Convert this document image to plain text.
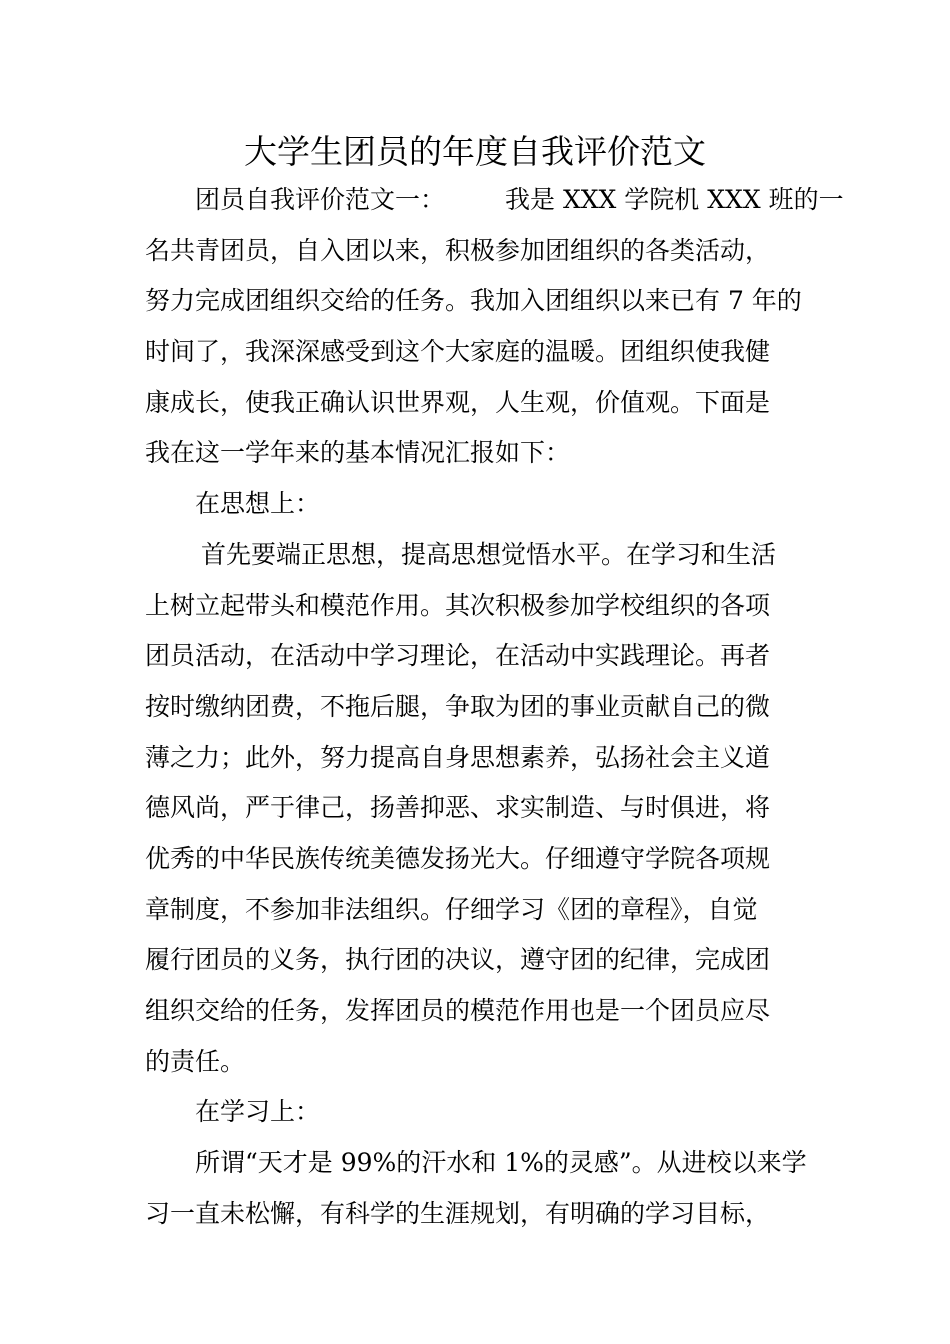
大学生团员的年度自我评价范文
团员自我评价范文一： 我是 XXX 学院机 XXX 班的一
名共青团员，自入团以来，积极参加团组织的各类活动，
努力完成团组织交给的任务。我加入团组织以来已有 7 年的
时间了，我深深感受到这个大家庭的温暖。团组织使我健
康成长，使我正确认识世界观，人生观，价值观。下面是
我在这一学年来的基本情况汇报如下：
在思想上：
首先要端正思想，提高思想觉悟水平。在学习和生活
上树立起带头和模范作用。其次积极参加学校组织的各项
团员活动，在活动中学习理论，在活动中实践理论。再者
按时缴纳团费，不拖后腿，争取为团的事业贡献自己的微
薄之力；此外，努力提高自身思想素养，弘扬社会主义道
德风尚，严于律己，扬善抑恶、求实制造、与时俱进，将
优秀的中华民族传统美德发扬光大。仔细遵守学院各项规
章制度，不参加非法组织。仔细学习《团的章程》，自觉
履行团员的义务，执行团的决议，遵守团的纪律，完成团
组织交给的任务，发挥团员的模范作用也是一个团员应尽
的责任。
在学习上：
所谓“天才是 99%的汗水和 1%的灵感”。从进校以来学
习一直未松懈，有科学的生涯规划，有明确的学习目标，
